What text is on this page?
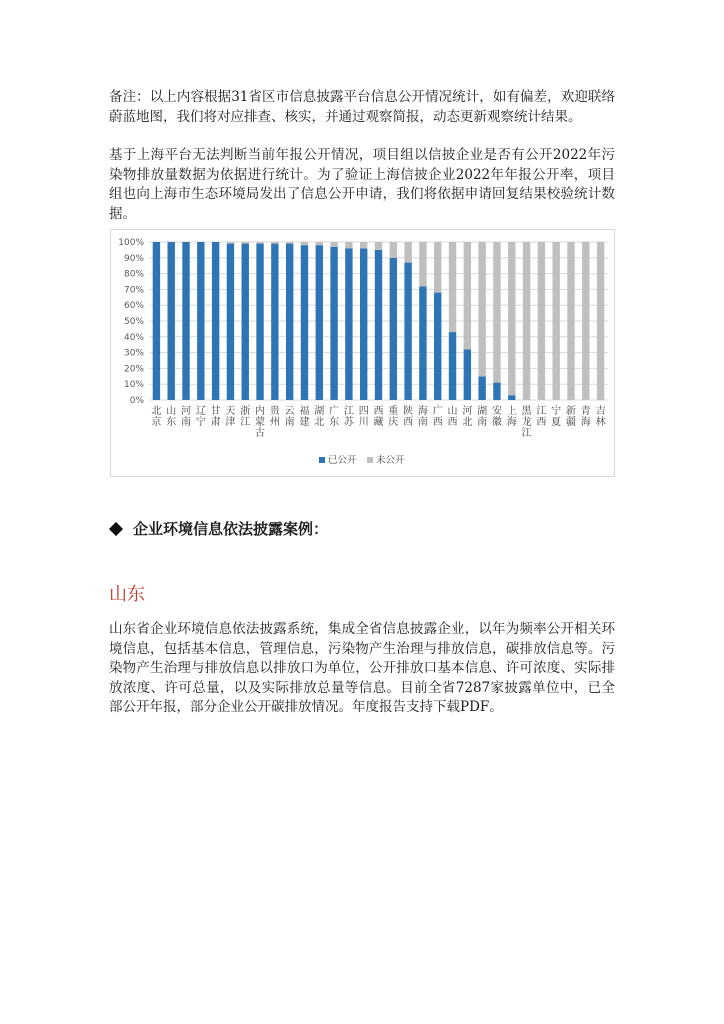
备注：以上内容根据31省区市信息披露平台信息公开情况统计，如有偏差，欢迎联络蔚蓝地图，我们将对应排查、核实，并通过观察简报，动态更新观察统计结果。
基于上海平台无法判断当前年报公开情况，项目组以信披企业是否有公开2022年污染物排放量数据为依据进行统计。为了验证上海信披企业2022年年报公开率，项目组也向上海市生态环境局发出了信息公开申请，我们将依据申请回复结果校验统计数据。
0%
10%
20%
30%
40%
50%
60%
70%
80%
90%
100%
北
京
山
东
河
南
辽
宁
甘
肃
天
津
浙
江
内
蒙
古
贵
州
云
南
福
建
湖
北
广
东
江
苏
四
川
西
藏
重
庆
陕
西
海
南
广
西
山
西
河
北
湖
南
安
徽
上
海
黑
龙
江
江
西
宁
夏
新
疆
青
海
吉
林
已公开 未公开
企业环境信息依法披露案例：
山东
山东省企业环境信息依法披露系统，集成全省信息披露企业，以年为频率公开相关环境信息，包括基本信息，管理信息，污染物产生治理与排放信息，碳排放信息等。污染物产生治理与排放信息以排放口为单位，公开排放口基本信息、许可浓度、实际排放浓度、许可总量，以及实际排放总量等信息。目前全省7287家披露单位中，已全部公开年报，部分企业公开碳排放情况。年度报告支持下载PDF。
